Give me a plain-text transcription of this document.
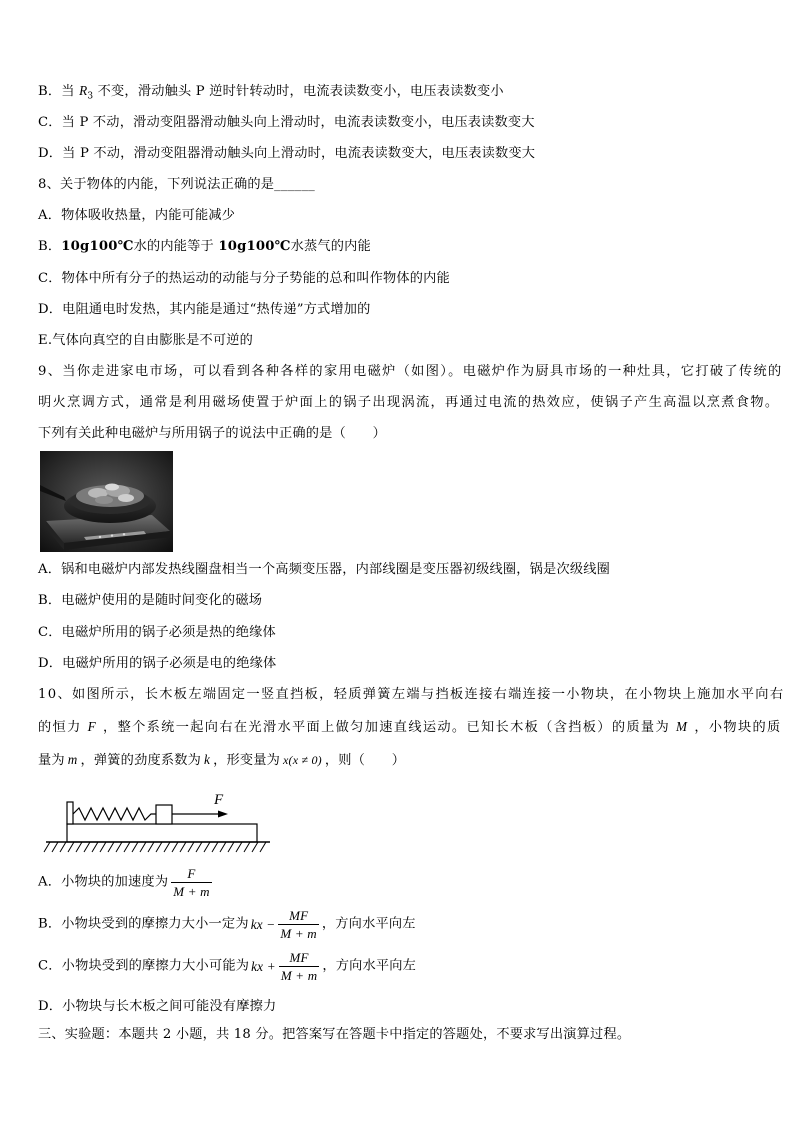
B．当 $R_3$ 不变，滑动触头 P 逆时针转动时，电流表读数变小，电压表读数变小
C．当 P 不动，滑动变阻器滑动触头向上滑动时，电流表读数变小，电压表读数变大
D．当 P 不动，滑动变阻器滑动触头向上滑动时，电流表读数变大，电压表读数变大
8、关于物体的内能，下列说法正确的是______
A．物体吸收热量，内能可能减少
B．10g100℃水的内能等于 10g100℃水蒸气的内能
C．物体中所有分子的热运动的动能与分子势能的总和叫作物体的内能
D．电阻通电时发热，其内能是通过“热传递”方式增加的
E.气体向真空的自由膨胀是不可逆的
9、当你走进家电市场，可以看到各种各样的家用电磁炉（如图）。电磁炉作为厨具市场的一种灶具，它打破了传统的
明火烹调方式，通常是利用磁场使置于炉面上的锅子出现涡流，再通过电流的热效应，使锅子产生高温以烹煮食物。
下列有关此种电磁炉与所用锅子的说法中正确的是（　　）
A．锅和电磁炉内部发热线圈盘相当一个高频变压器，内部线圈是变压器初级线圈，锅是次级线圈
B．电磁炉使用的是随时间变化的磁场
C．电磁炉所用的锅子必须是热的绝缘体
D．电磁炉所用的锅子必须是电的绝缘体
10、如图所示，长木板左端固定一竖直挡板，轻质弹簧左端与挡板连接右端连接一小物块，在小物块上施加水平向右
的恒力 F ，整个系统一起向右在光滑水平面上做匀加速直线运动。已知长木板（含挡板）的质量为 M ，小物块的质
量为 m ，弹簧的劲度系数为 k ，形变量为 x(x ≠ 0) ，则（　　）
F
A．小物块的加速度为 $\frac{F}{M + m}$
B．小物块受到的摩擦力大小一定为 kx − $\frac{MF}{M + m}$ ，方向水平向左
C．小物块受到的摩擦力大小可能为 kx + $\frac{MF}{M + m}$ ，方向水平向左
D．小物块与长木板之间可能没有摩擦力
三、实验题：本题共 2 小题，共 18 分。把答案写在答题卡中指定的答题处，不要求写出演算过程。
